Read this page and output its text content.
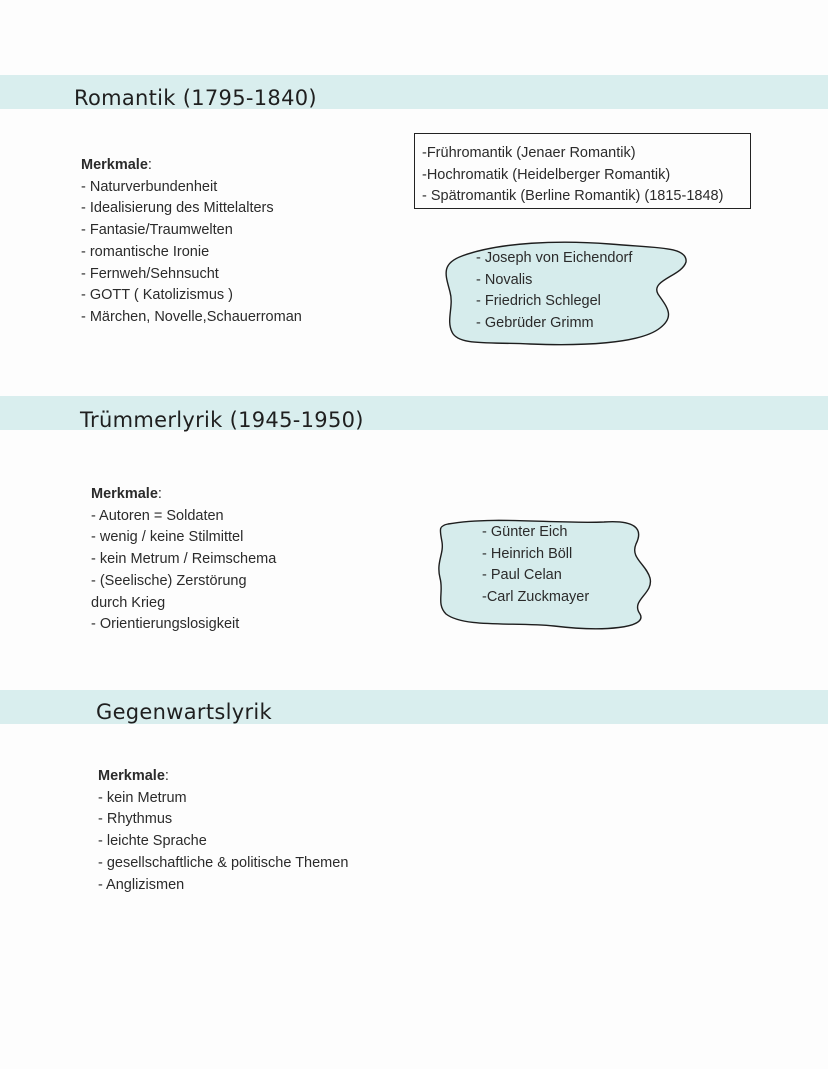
Romantik (1795-1840)
Merkmale:
- Naturverbundenheit
- Idealisierung des Mittelalters
- Fantasie/Traumwelten
- romantische Ironie
- Fernweh/Sehnsucht
- GOTT ( Katolizismus )
- Märchen, Novelle,Schauerroman
-Frühromantik (Jenaer Romantik)
-Hochromatik (Heidelberger Romantik)
- Spätromantik (Berline Romantik) (1815-1848)
- Joseph von Eichendorf
- Novalis
- Friedrich Schlegel
- Gebrüder Grimm
Trümmerlyrik (1945-1950)
Merkmale:
- Autoren = Soldaten
- wenig / keine Stilmittel
- kein Metrum / Reimschema
- (Seelische) Zerstörung
durch Krieg
- Orientierungslosigkeit
- Günter Eich
- Heinrich Böll
- Paul Celan
-Carl Zuckmayer
Gegenwartslyrik
Merkmale:
- kein Metrum
- Rhythmus
- leichte Sprache
- gesellschaftliche & politische Themen
- Anglizismen
